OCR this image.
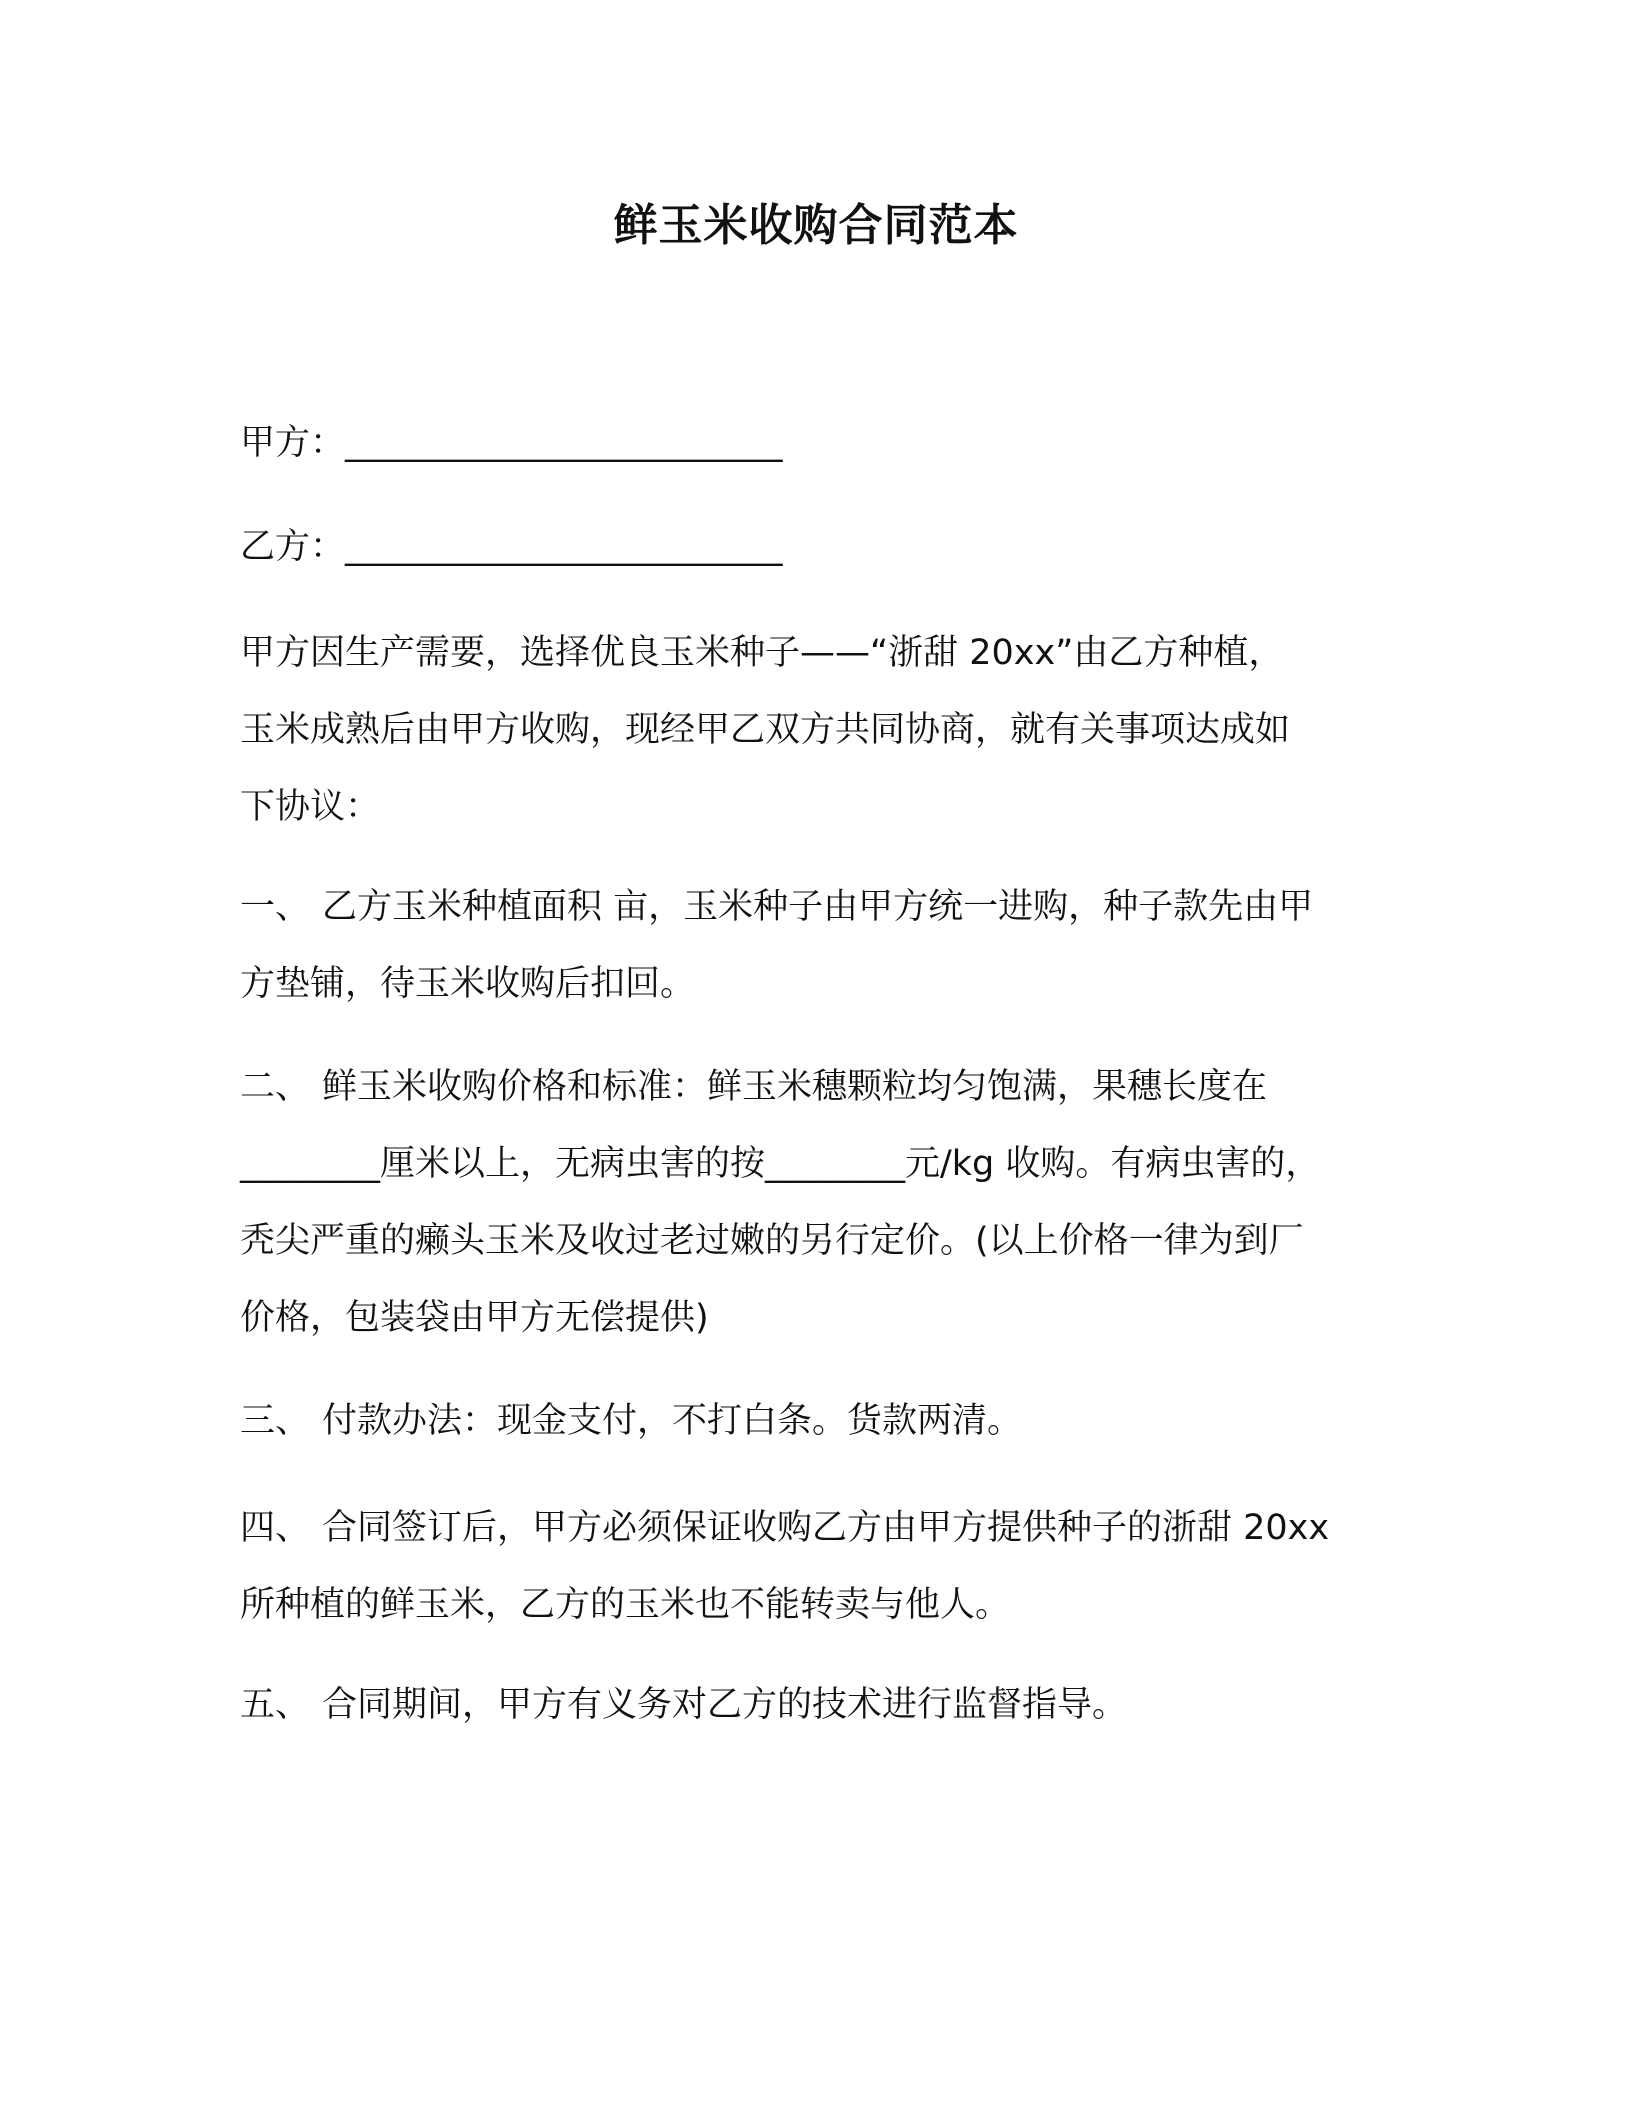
鲜玉米收购合同范本
甲方：_________________________
乙方：_________________________
甲方因生产需要，选择优良玉米种子——“浙甜 20xx”由乙方种植，
玉米成熟后由甲方收购，现经甲乙双方共同协商，就有关事项达成如
下协议：
一、 乙方玉米种植面积 亩，玉米种子由甲方统一进购，种子款先由甲
方垫铺，待玉米收购后扣回。
二、 鲜玉米收购价格和标准：鲜玉米穗颗粒均匀饱满，果穗长度在
________厘米以上，无病虫害的按________元/kg 收购。有病虫害的，
秃尖严重的癞头玉米及收过老过嫩的另行定价。(以上价格一律为到厂
价格，包装袋由甲方无偿提供)
三、 付款办法：现金支付，不打白条。货款两清。
四、 合同签订后，甲方必须保证收购乙方由甲方提供种子的浙甜 20xx
所种植的鲜玉米，乙方的玉米也不能转卖与他人。
五、 合同期间，甲方有义务对乙方的技术进行监督指导。
